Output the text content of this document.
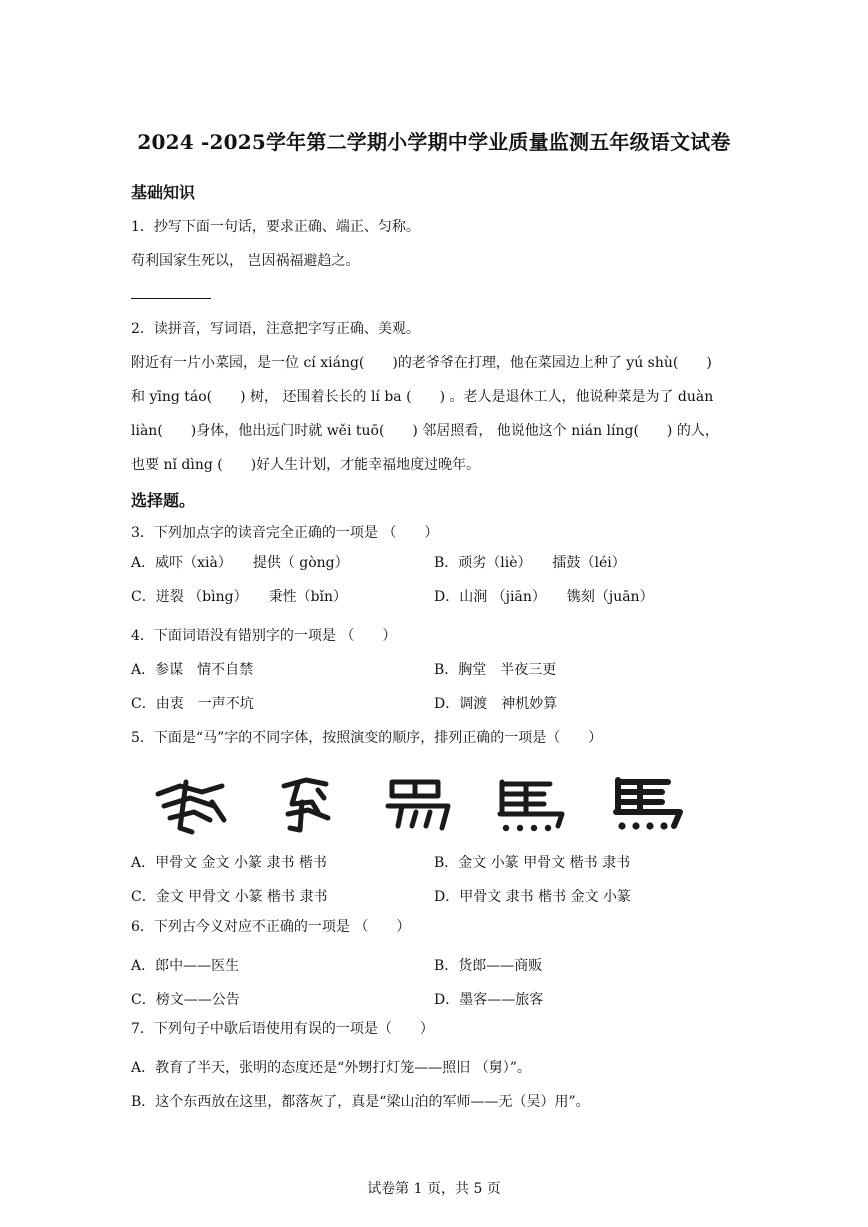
2024 -2025学年第二学期小学期中学业质量监测五年级语文试卷
基础知识
1．抄写下面一句话，要求正确、端正、匀称。
苟利国家生死以， 岂因祸福避趋之。
2．读拼音，写词语，注意把字写正确、美观。
附近有一片小菜园，是一位 cí xiáng(　　)的老爷爷在打理，他在菜园边上种了 yú shù(　　)
和 yīng táo(　　) 树， 还围着长长的 lí ba (　　) 。老人是退休工人，他说种菜是为了 duàn
liàn(　　)身体，他出远门时就 wěi tuō(　　) 邻居照看， 他说他这个 nián líng(　　) 的人，
也要 nǐ dìng (　　)好人生计划，才能幸福地度过晚年。
选择题。
3．下列加点字的读音完全正确的一项是 （　　）
A．威吓（xià）　　提供（ gòng）	B．顽劣（liè）　　擂鼓（léi）
C．迸裂 （bìng）　　秉性（bǐn）	D．山涧 （jiān）　　镌刻（juān）
4．下面词语没有错别字的一项是 （　　）
A．参谋　情不自禁	B．胸堂　半夜三更
C．由衷　一声不坑	D．调渡　神机妙算
5．下面是“马”字的不同字体，按照演变的顺序，排列正确的一项是（　　）
A．甲骨文 金文 小篆 隶书 楷书	B．金文 小篆 甲骨文 楷书 隶书
C．金文 甲骨文 小篆 楷书 隶书	D．甲骨文 隶书 楷书 金文 小篆
6．下列古今义对应不正确的一项是 （　　）
A．郎中——医生	B．货郎——商贩
C．榜文——公告	D．墨客——旅客
7．下列句子中歇后语使用有误的一项是（　　）
A．教育了半天，张明的态度还是“外甥打灯笼——照旧 （舅）”。
B．这个东西放在这里，都落灰了，真是“梁山泊的军师——无（吴）用”。
试卷第 1 页，共 5 页
